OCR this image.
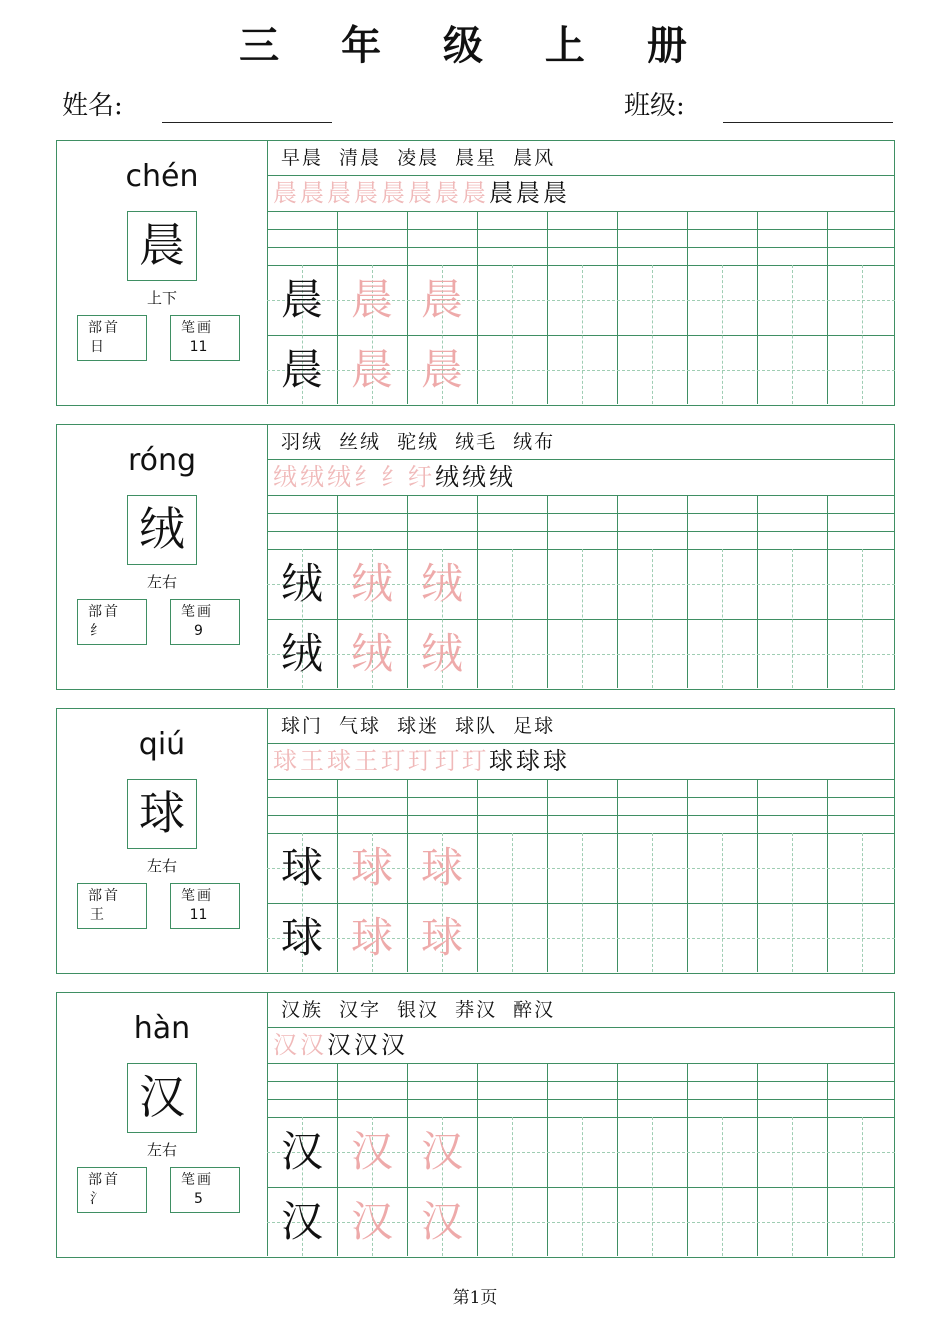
三 年 级 上 册
姓名:	班级:
chén
晨
上下
部首
日
笔画
11
早晨 清晨 凌晨 晨星 晨风
晨晨晨晨晨晨晨晨晨晨晨
晨 晨 晨
晨 晨 晨
róng
绒
左右
部首
纟
笔画
9
羽绒 丝绒 驼绒 绒毛 绒布
绒绒绒纟纟纡绒绒绒
绒 绒 绒
绒 绒 绒
qiú
球
左右
部首
王
笔画
11
球门 气球 球迷 球队 足球
球王球王玎玎玎玎球球球
球 球 球
球 球 球
hàn
汉
左右
部首
氵
笔画
5
汉族 汉字 银汉 莽汉 醉汉
汉汉汉汉汉
汉 汉 汉
汉 汉 汉
第1页
